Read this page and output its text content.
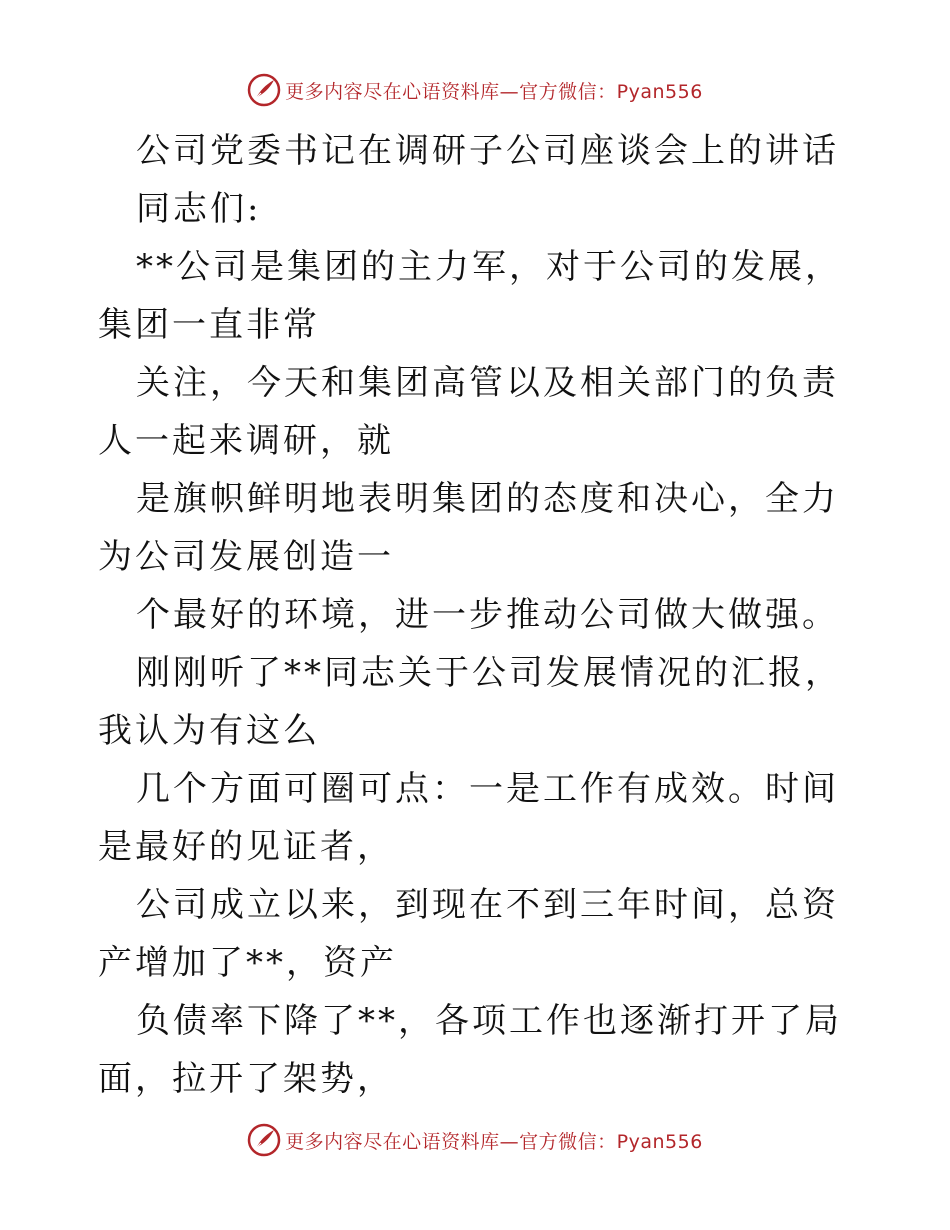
更多内容尽在心语资料库—官方微信：Pyan556

公司党委书记在调研子公司座谈会上的讲话

同志们:

**公司是集团的主力军，对于公司的发展，集团一直非常

关注，今天和集团高管以及相关部门的负责人一起来调研，就

是旗帜鲜明地表明集团的态度和决心，全力为公司发展创造一

个最好的环境，进一步推动公司做大做强。

刚刚听了**同志关于公司发展情况的汇报，我认为有这么

几个方面可圈可点：一是工作有成效。时间是最好的见证者，

公司成立以来，到现在不到三年时间，总资产增加了**，资产

负债率下降了**，各项工作也逐渐打开了局面，拉开了架势，

更多内容尽在心语资料库—官方微信：Pyan556
